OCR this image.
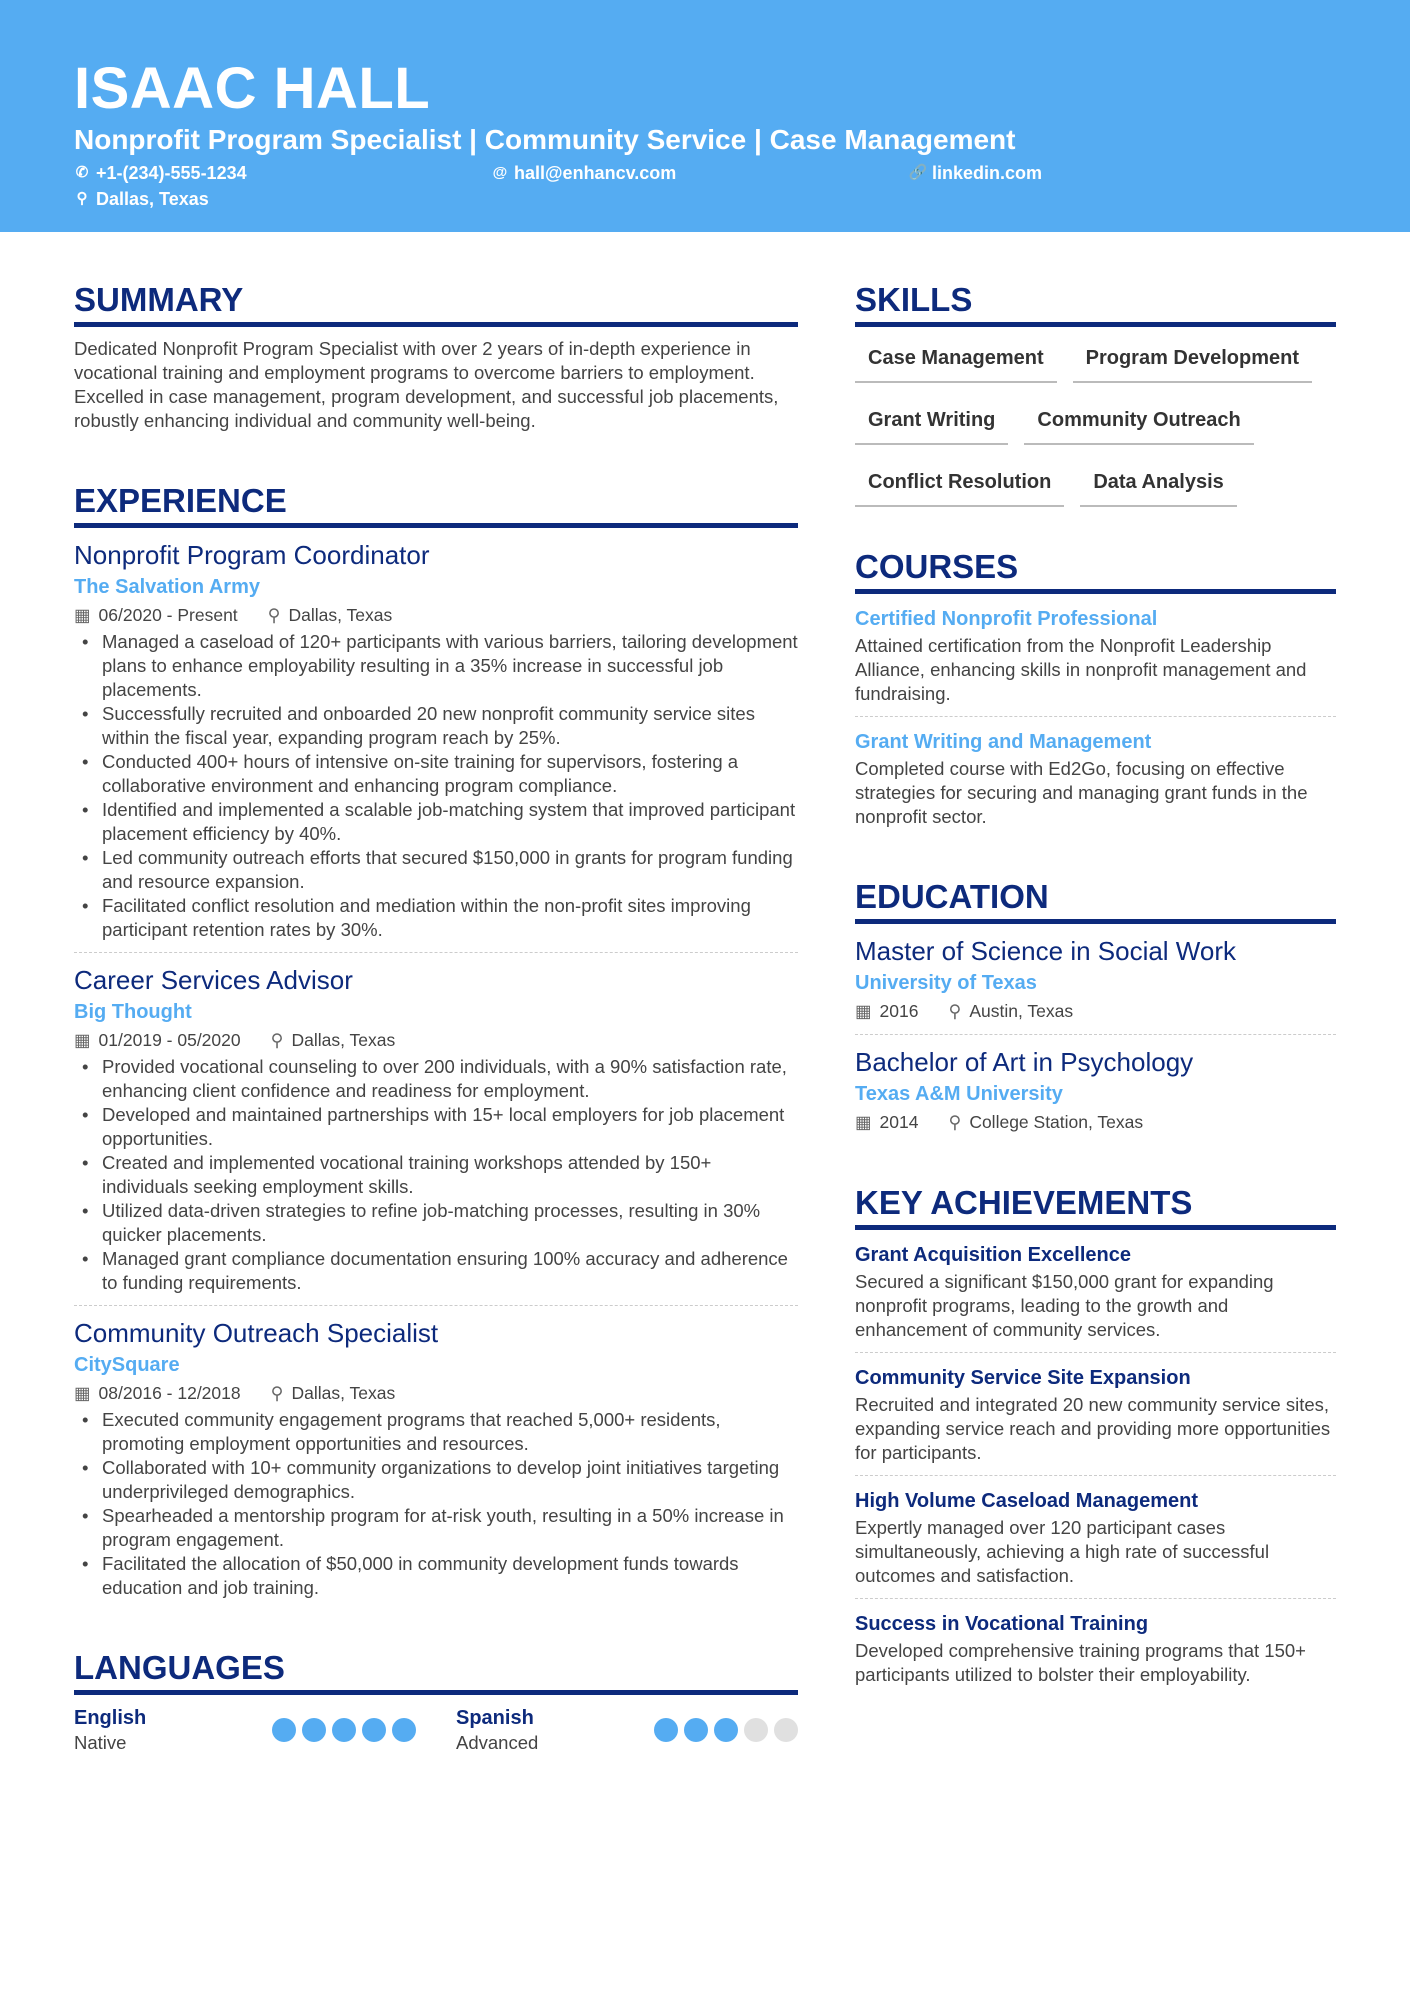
ISAAC HALL
Nonprofit Program Specialist | Community Service | Case Management
✆ +1-(234)-555-1234	@ hall@enhancv.com	🔗 linkedin.com
⚲ Dallas, Texas
SUMMARY
Dedicated Nonprofit Program Specialist with over 2 years of in-depth experience in vocational training and employment programs to overcome barriers to employment. Excelled in case management, program development, and successful job placements, robustly enhancing individual and community well-being.
EXPERIENCE
Nonprofit Program Coordinator
The Salvation Army
▦ 06/2020 - Present ⚲ Dallas, Texas
• Managed a caseload of 120+ participants with various barriers, tailoring development plans to enhance employability resulting in a 35% increase in successful job placements.
• Successfully recruited and onboarded 20 new nonprofit community service sites within the fiscal year, expanding program reach by 25%.
• Conducted 400+ hours of intensive on-site training for supervisors, fostering a collaborative environment and enhancing program compliance.
• Identified and implemented a scalable job-matching system that improved participant placement efficiency by 40%.
• Led community outreach efforts that secured $150,000 in grants for program funding and resource expansion.
• Facilitated conflict resolution and mediation within the non-profit sites improving participant retention rates by 30%.
Career Services Advisor
Big Thought
▦ 01/2019 - 05/2020 ⚲ Dallas, Texas
• Provided vocational counseling to over 200 individuals, with a 90% satisfaction rate, enhancing client confidence and readiness for employment.
• Developed and maintained partnerships with 15+ local employers for job placement opportunities.
• Created and implemented vocational training workshops attended by 150+ individuals seeking employment skills.
• Utilized data-driven strategies to refine job-matching processes, resulting in 30% quicker placements.
• Managed grant compliance documentation ensuring 100% accuracy and adherence to funding requirements.
Community Outreach Specialist
CitySquare
▦ 08/2016 - 12/2018 ⚲ Dallas, Texas
• Executed community engagement programs that reached 5,000+ residents, promoting employment opportunities and resources.
• Collaborated with 10+ community organizations to develop joint initiatives targeting underprivileged demographics.
• Spearheaded a mentorship program for at-risk youth, resulting in a 50% increase in program engagement.
• Facilitated the allocation of $50,000 in community development funds towards education and job training.
LANGUAGES
English
Native
Spanish
Advanced
SKILLS
Case Management	Program Development
Grant Writing	Community Outreach
Conflict Resolution	Data Analysis
COURSES
Certified Nonprofit Professional
Attained certification from the Nonprofit Leadership Alliance, enhancing skills in nonprofit management and fundraising.
Grant Writing and Management
Completed course with Ed2Go, focusing on effective strategies for securing and managing grant funds in the nonprofit sector.
EDUCATION
Master of Science in Social Work
University of Texas
▦ 2016 ⚲ Austin, Texas
Bachelor of Art in Psychology
Texas A&M University
▦ 2014 ⚲ College Station, Texas
KEY ACHIEVEMENTS
Grant Acquisition Excellence
Secured a significant $150,000 grant for expanding nonprofit programs, leading to the growth and enhancement of community services.
Community Service Site Expansion
Recruited and integrated 20 new community service sites, expanding service reach and providing more opportunities for participants.
High Volume Caseload Management
Expertly managed over 120 participant cases simultaneously, achieving a high rate of successful outcomes and satisfaction.
Success in Vocational Training
Developed comprehensive training programs that 150+ participants utilized to bolster their employability.
